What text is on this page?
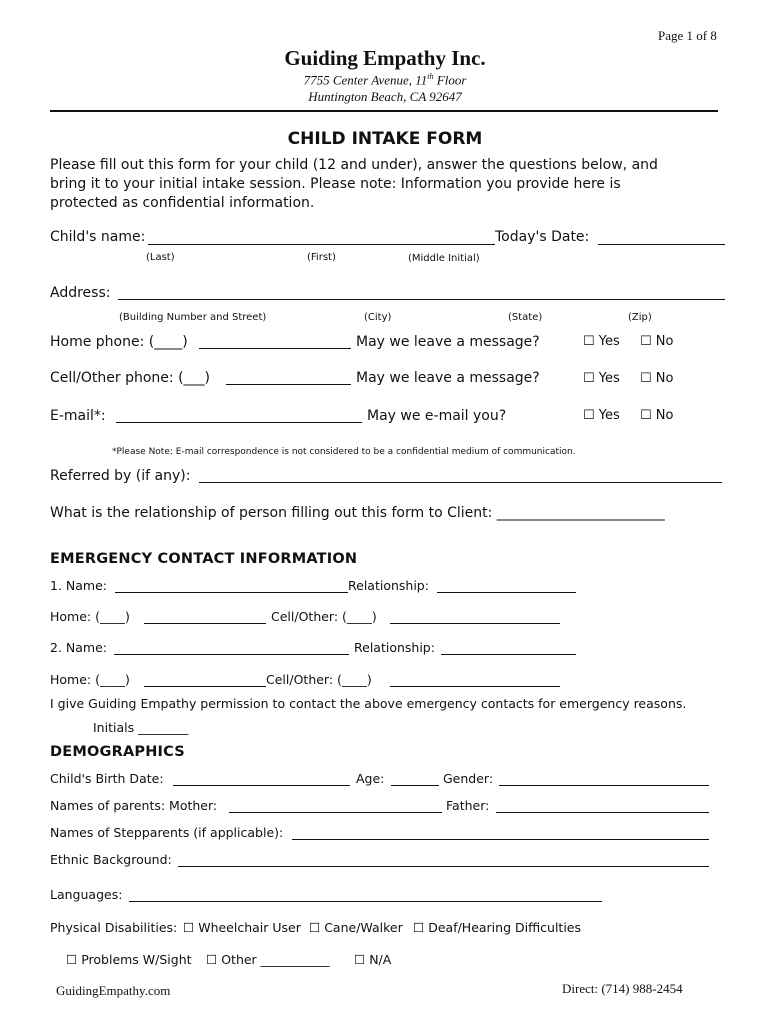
Page 1 of 8
Guiding Empathy Inc.
7755 Center Avenue, 11th Floor
Huntington Beach, CA 92647
CHILD INTAKE FORM
Please fill out this form for your child (12 and under), answer the questions below, and
bring it to your initial intake session. Please note: Information you provide here is
protected as confidential information.
Child's name:	Today's Date:
(Last)	(First)	(Middle Initial)
Address:
(Building Number and Street)	(City)	(State)	(Zip)
Home phone: (____)	May we leave a message?	☐ Yes ☐ No
Cell/Other phone: (___)	May we leave a message?	☐ Yes ☐ No
E-mail*:	May we e-mail you?	☐ Yes ☐ No
*Please Note: E-mail correspondence is not considered to be a confidential medium of communication.
Referred by (if any):
What is the relationship of person filling out this form to Client: ________________________
EMERGENCY CONTACT INFORMATION
1. Name:	Relationship:
Home: (____)	Cell/Other: (____)
2. Name:	Relationship:
Home: (____)	Cell/Other: (____)
I give Guiding Empathy permission to contact the above emergency contacts for emergency reasons.
Initials ________
DEMOGRAPHICS
Child's Birth Date:	Age:	Gender:
Names of parents: Mother:	Father:
Names of Stepparents (if applicable):
Ethnic Background:
Languages:
Physical Disabilities: ☐ Wheelchair User ☐ Cane/Walker ☐ Deaf/Hearing Difficulties
☐ Problems W/Sight ☐ Other ___________ ☐ N/A
GuidingEmpathy.com	Direct: (714) 988-2454
